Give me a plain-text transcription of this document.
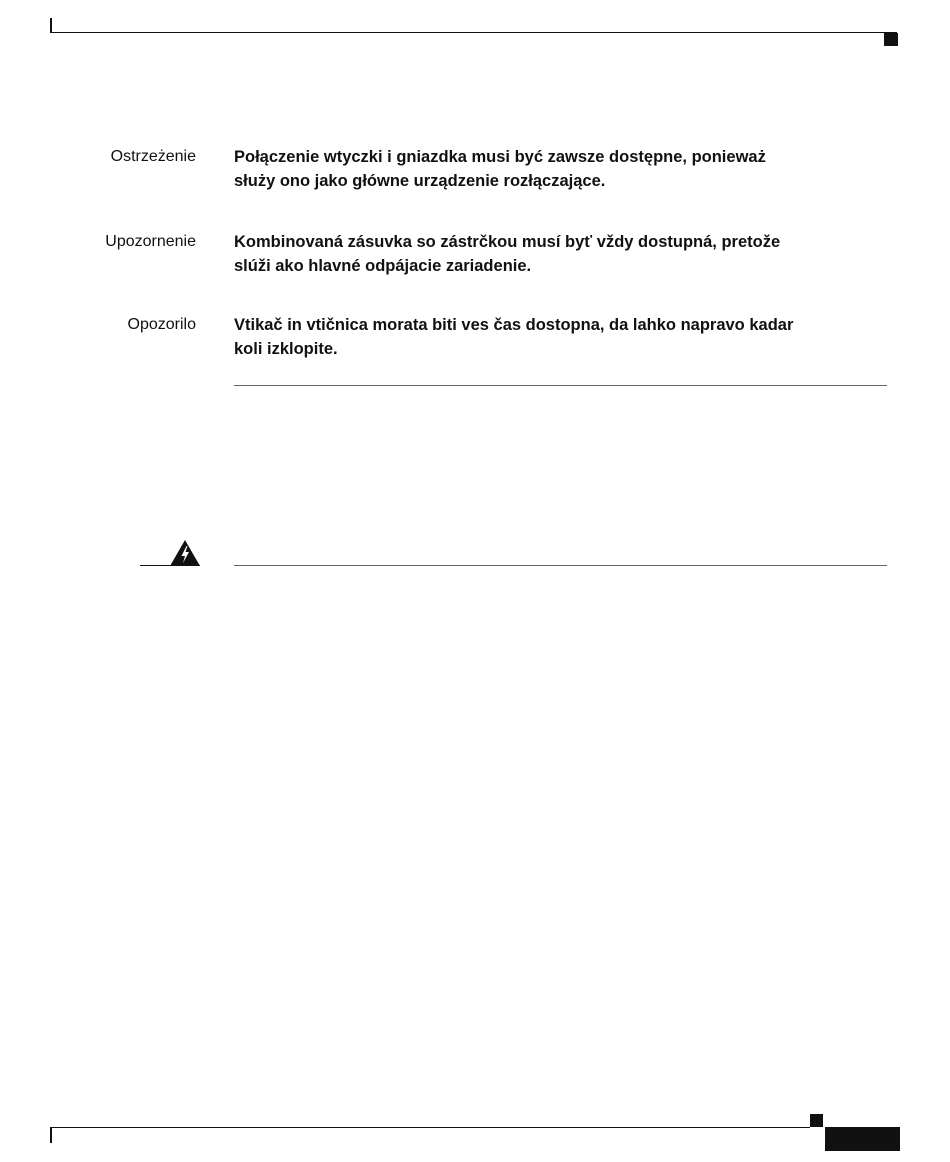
Ostrzeżenie Połączenie wtyczki i gniazdka musi być zawsze dostępne, ponieważ
służy ono jako główne urządzenie rozłączające.
Upozornenie Kombinovaná zásuvka so zástrčkou musí byť vždy dostupná, pretože
slúži ako hlavné odpájacie zariadenie.
Opozorilo Vtikač in vtičnica morata biti ves čas dostopna, da lahko napravo kadar
koli izklopite.
